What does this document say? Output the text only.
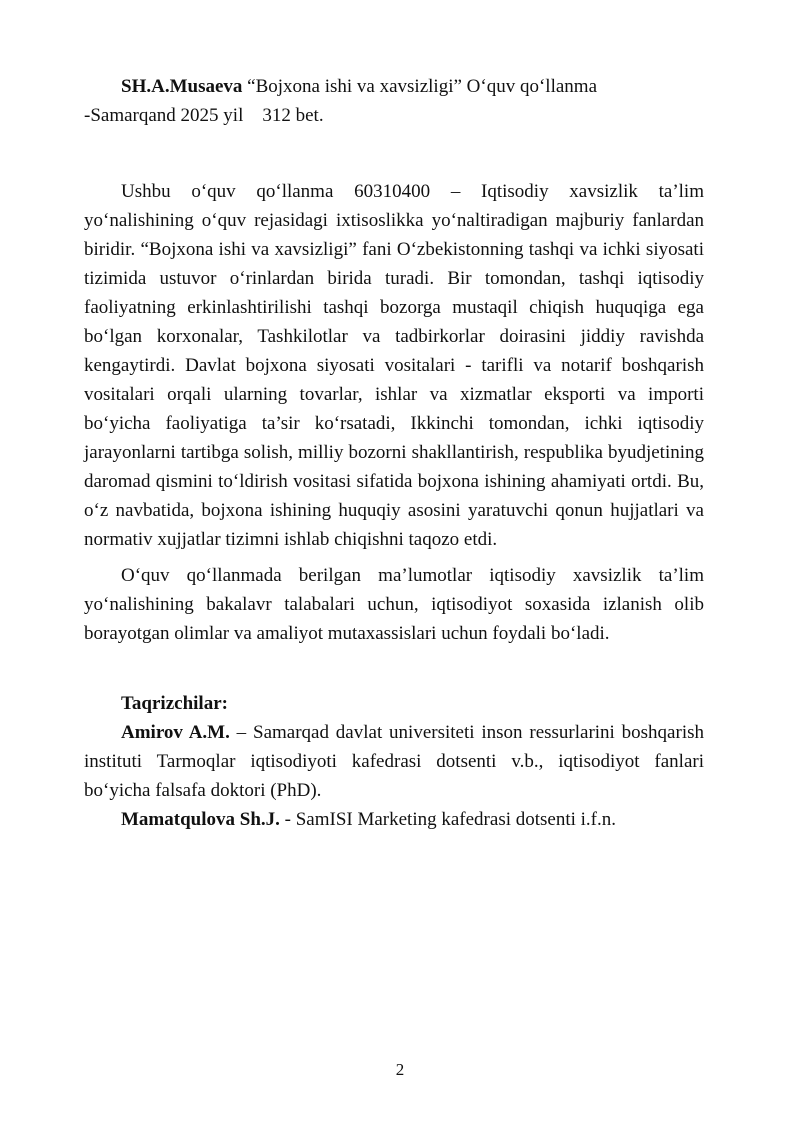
SH.A.Musaeva “Bojxona ishi va xavsizligi” O‘quv qo‘llanma

-Samarqand 2025 yil    312 bet.

Ushbu o‘quv qo‘llanma 60310400 – Iqtisodiy xavsizlik ta’lim yo‘nalishining o‘quv rejasidagi ixtisoslikka yo‘naltiradigan majburiy fanlardan biridir. “Bojxona ishi va xavsizligi” fani O‘zbekistonning tashqi va ichki siyosati tizimida ustuvor o‘rinlardan birida turadi. Bir tomondan, tashqi iqtisodiy faoliyatning erkinlashtirilishi tashqi bozorga mustaqil chiqish huquqiga ega bo‘lgan korxonalar, Tashkilotlar va tadbirkorlar doirasini jiddiy ravishda kengaytirdi. Davlat bojxona siyosati vositalari - tarifli va notarif boshqarish vositalari orqali ularning tovarlar, ishlar va xizmatlar eksporti va importi bo‘yicha faoliyatiga ta’sir ko‘rsatadi, Ikkinchi tomondan, ichki iqtisodiy jarayonlarni tartibga solish, milliy bozorni shakllantirish, respublika byudjetining daromad qismini to‘ldirish vositasi sifatida bojxona ishining ahamiyati ortdi. Bu, o‘z navbatida, bojxona ishining huquqiy asosini yaratuvchi qonun hujjatlari va normativ xujjatlar tizimni ishlab chiqishni taqozo etdi.

O‘quv qo‘llanmada berilgan ma’lumotlar iqtisodiy xavsizlik ta’lim yo‘nalishining bakalavr talabalari uchun, iqtisodiyot soxasida izlanish olib borayotgan olimlar va amaliyot mutaxassislari uchun foydali bo‘ladi.

Taqrizchilar:

Amirov A.M. – Samarqad davlat universiteti inson ressurlarini boshqarish instituti Tarmoqlar iqtisodiyoti kafedrasi dotsenti v.b., iqtisodiyot fanlari bo‘yicha falsafa doktori (PhD).

Mamatqulova Sh.J. - SamISI Marketing kafedrasi dotsenti i.f.n.

2
